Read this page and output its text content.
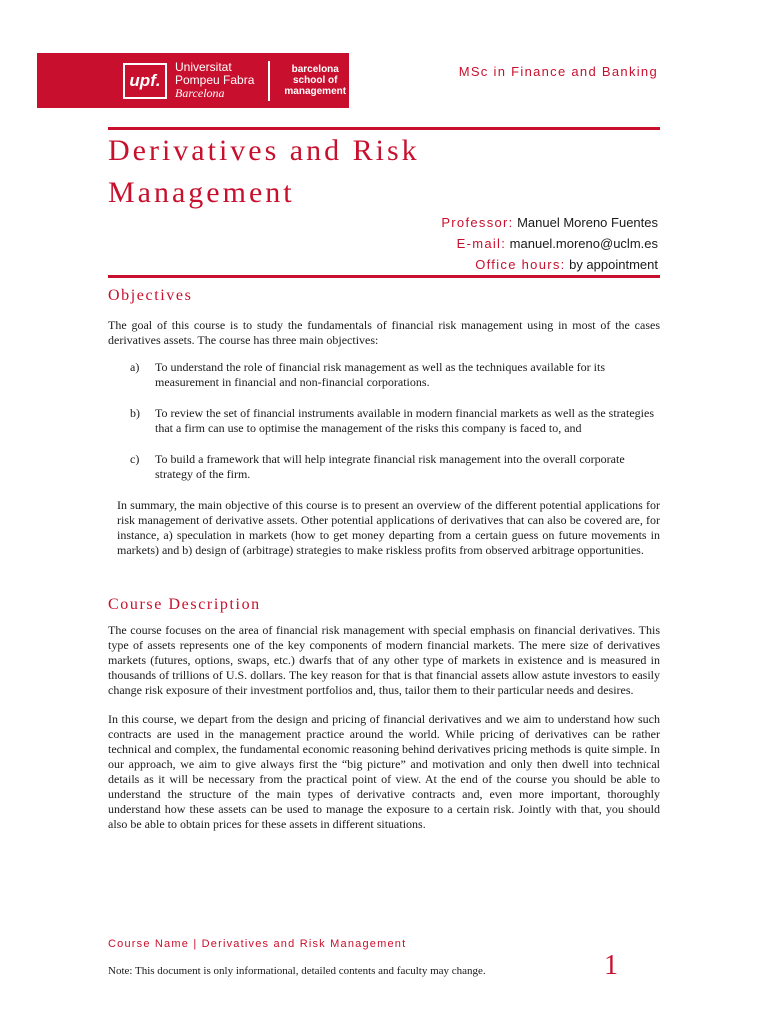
upf.
Universitat
Pompeu Fabra
Barcelona
barcelona
school of
management
MSc in Finance and Banking
Derivatives and Risk
Management
Professor: Manuel Moreno Fuentes
E-mail: manuel.moreno@uclm.es
Office hours: by appointment
Objectives

The goal of this course is to study the fundamentals of financial risk management using in most of the cases derivatives assets. The course has three main objectives:

a) To understand the role of financial risk management as well as the techniques available for its measurement in financial and non-financial corporations.
b) To review the set of financial instruments available in modern financial markets as well as the strategies that a firm can use to optimise the management of the risks this company is faced to, and
c) To build a framework that will help integrate financial risk management into the overall corporate strategy of the firm.

In summary, the main objective of this course is to present an overview of the different potential applications for risk management of derivative assets. Other potential applications of derivatives that can also be covered are, for instance, a) speculation in markets (how to get money departing from a certain guess on future movements in markets) and b) design of (arbitrage) strategies to make riskless profits from observed arbitrage opportunities.

Course Description

The course focuses on the area of financial risk management with special emphasis on financial derivatives. This type of assets represents one of the key components of modern financial markets. The mere size of derivatives markets (futures, options, swaps, etc.) dwarfs that of any other type of markets in existence and is measured in thousands of trillions of U.S. dollars. The key reason for that is that financial assets allow astute investors to easily change risk exposure of their investment portfolios and, thus, tailor them to their particular needs and desires.

In this course, we depart from the design and pricing of financial derivatives and we aim to understand how such contracts are used in the management practice around the world. While pricing of derivatives can be rather technical and complex, the fundamental economic reasoning behind derivatives pricing methods is quite simple. In our approach, we aim to give always first the “big picture” and motivation and only then dwell into technical details as it will be necessary from the practical point of view. At the end of the course you should be able to understand the structure of the main types of derivative contracts and, even more important, thoroughly understand how these assets can be used to manage the exposure to a certain risk. Jointly with that, you should also be able to obtain prices for these assets in different situations.

Course Name | Derivatives and Risk Management
1
Note: This document is only informational, detailed contents and faculty may change.
